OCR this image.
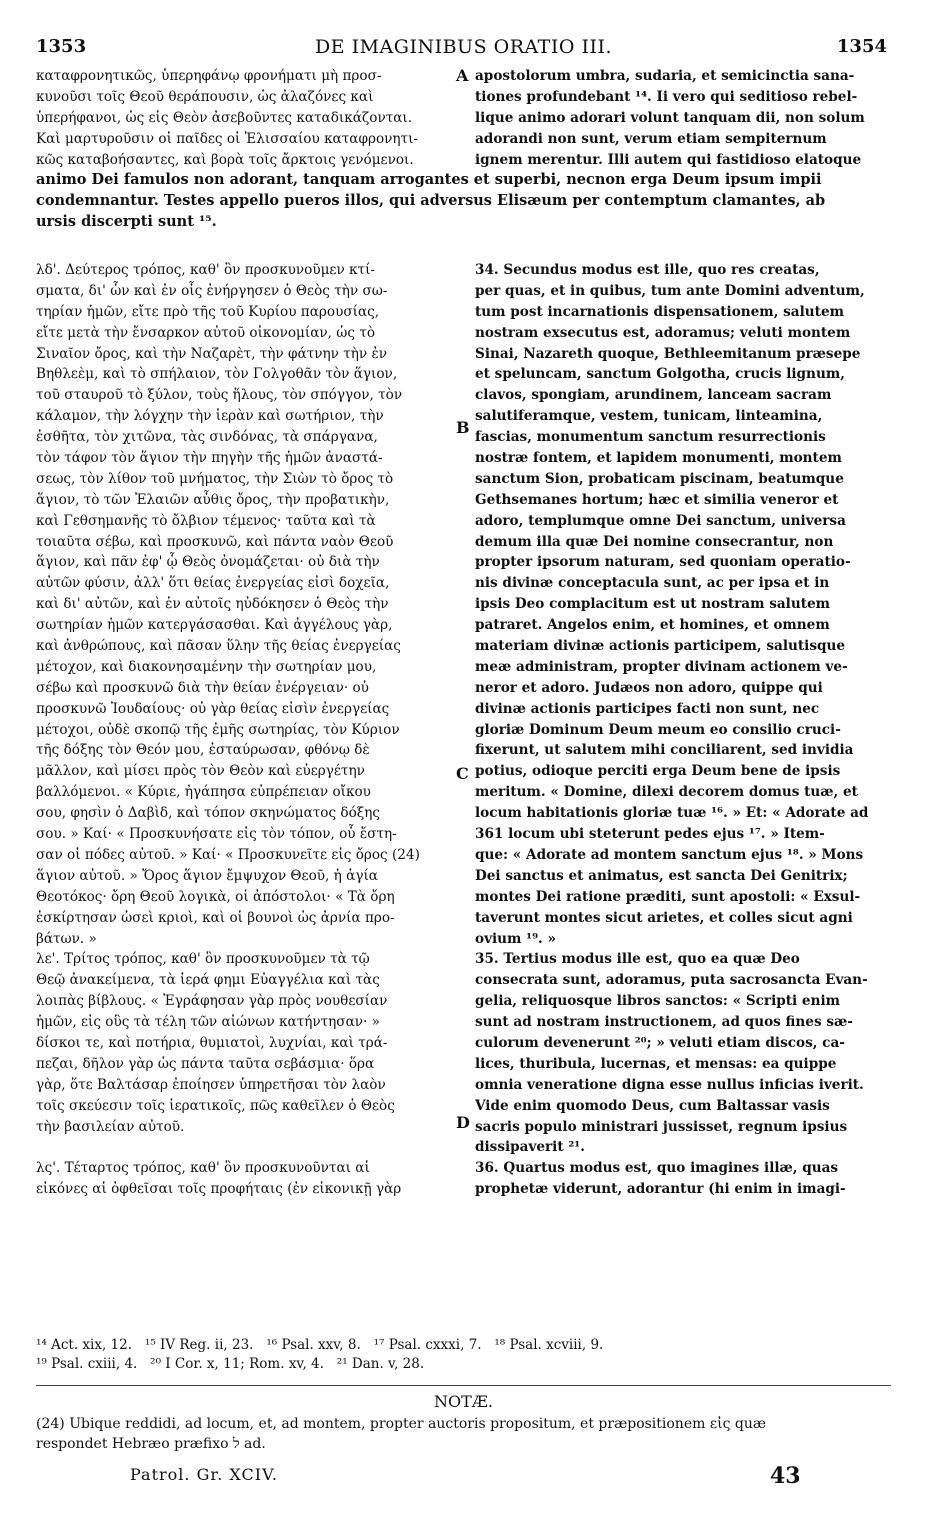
1353	DE IMAGINIBUS ORATIO III.	1354
καταφρονητικῶς, ὑπερηφάνῳ φρονήματι μὴ προσ-
κυνοῦσι τοῖς Θεοῦ θεράπουσιν, ὡς ἀλαζόνες καὶ
ὑπερήφανοι, ὡς εἰς Θεὸν ἀσεβοῦντες καταδικάζονται.
Καὶ μαρτυροῦσιν οἱ παῖδες οἱ Ἐλισσαίου καταφρονητι-
κῶς καταβοήσαντες, καὶ βορὰ τοῖς ἄρκτοις γενόμενοι.
apostolorum umbra, sudaria, et semicinctia sana-
tiones profundebant ¹⁴. Ii vero qui seditioso rebel-
lique animo adorari volunt tanquam dii, non solum
adorandi non sunt, verum etiam sempiternum
ignem merentur. Illi autem qui fastidioso elatoque
A
animo Dei famulos non adorant, tanquam arrogantes et superbi, necnon erga Deum ipsum impii
condemnantur. Testes appello pueros illos, qui adversus Elisæum per contemptum clamantes, ab
ursis discerpti sunt ¹⁵.
λδ'. Δεύτερος τρόπος, καθ' ὃν προσκυνοῦμεν κτί-
σματα, δι' ὧν καὶ ἐν οἷς ἐνήργησεν ὁ Θεὸς τὴν σω-
τηρίαν ἡμῶν, εἴτε πρὸ τῆς τοῦ Κυρίου παρουσίας,
εἴτε μετὰ τὴν ἔνσαρκον αὐτοῦ οἰκονομίαν, ὡς τὸ
Σιναῖον ὄρος, καὶ τὴν Ναζαρὲτ, τὴν φάτνην τὴν ἐν
Βηθλεὲμ, καὶ τὸ σπήλαιον, τὸν Γολγοθᾶν τὸν ἅγιον,
τοῦ σταυροῦ τὸ ξύλον, τοὺς ἥλους, τὸν σπόγγον, τὸν
κάλαμον, τὴν λόγχην τὴν ἱερὰν καὶ σωτήριον, τὴν
ἐσθῆτα, τὸν χιτῶνα, τὰς σινδόνας, τὰ σπάργανα,
τὸν τάφον τὸν ἅγιον τὴν πηγὴν τῆς ἡμῶν ἀναστά-
σεως, τὸν λίθον τοῦ μνήματος, τὴν Σιὼν τὸ ὄρος τὸ
ἅγιον, τὸ τῶν Ἐλαιῶν αὖθις ὄρος, τὴν προβατικὴν,
καὶ Γεθσημανῆς τὸ ὄλβιον τέμενος· ταῦτα καὶ τὰ
τοιαῦτα σέβω, καὶ προσκυνῶ, καὶ πάντα ναὸν Θεοῦ
ἅγιον, καὶ πᾶν ἐφ' ᾧ Θεὸς ὀνομάζεται· οὐ διὰ τὴν
αὐτῶν φύσιν, ἀλλ' ὅτι θείας ἐνεργείας εἰσὶ δοχεῖα,
καὶ δι' αὐτῶν, καὶ ἐν αὐτοῖς ηὐδόκησεν ὁ Θεὸς τὴν
σωτηρίαν ἡμῶν κατεργάσασθαι. Καὶ ἀγγέλους γὰρ,
καὶ ἀνθρώπους, καὶ πᾶσαν ὕλην τῆς θείας ἐνεργείας
μέτοχον, καὶ διακονησαμένην τὴν σωτηρίαν μου,
σέβω καὶ προσκυνῶ διὰ τὴν θείαν ἐνέργειαν· οὐ
προσκυνῶ Ἰουδαίους· οὐ γὰρ θείας εἰσὶν ἐνεργείας
μέτοχοι, οὐδὲ σκοπῷ τῆς ἐμῆς σωτηρίας, τὸν Κύριον
τῆς δόξης τὸν Θεόν μου, ἐσταύρωσαν, φθόνῳ δὲ
μᾶλλον, καὶ μίσει πρὸς τὸν Θεὸν καὶ εὐεργέτην
βαλλόμενοι. « Κύριε, ἠγάπησα εὐπρέπειαν οἴκου
σου, φησὶν ὁ Δαβὶδ, καὶ τόπον σκηνώματος δόξης
σου. » Καί· « Προσκυνήσατε εἰς τὸν τόπον, οὗ ἔστη-
σαν οἱ πόδες αὐτοῦ. » Καί· « Προσκυνεῖτε εἰς ὄρος (24)
ἅγιον αὐτοῦ. » Ὄρος ἅγιον ἔμψυχον Θεοῦ, ἡ ἁγία
Θεοτόκος· ὄρη Θεοῦ λογικὰ, οἱ ἀπόστολοι· « Τὰ ὄρη
ἐσκίρτησαν ὡσεὶ κριοὶ, καὶ οἱ βουνοὶ ὡς ἀρνία προ-
βάτων. »
λε'. Τρίτος τρόπος, καθ' ὃν προσκυνοῦμεν τὰ τῷ
Θεῷ ἀνακείμενα, τὰ ἱερά φημι Εὐαγγέλια καὶ τὰς
λοιπὰς βίβλους. « Ἐγράφησαν γὰρ πρὸς νουθεσίαν
ἡμῶν, εἰς οὓς τὰ τέλη τῶν αἰώνων κατήντησαν· »
δίσκοι τε, καὶ ποτήρια, θυμιατοὶ, λυχνίαι, καὶ τρά-
πεζαι, δῆλον γὰρ ὡς πάντα ταῦτα σεβάσμια· ὅρα
γὰρ, ὅτε Βαλτάσαρ ἐποίησεν ὑπηρετῆσαι τὸν λαὸν
τοῖς σκεύεσιν τοῖς ἱερατικοῖς, πῶς καθεῖλεν ὁ Θεὸς
τὴν βασιλείαν αὐτοῦ.
λς'. Τέταρτος τρόπος, καθ' ὃν προσκυνοῦνται αἱ
εἰκόνες αἱ ὀφθεῖσαι τοῖς προφήταις (ἐν εἰκονικῇ γὰρ
34. Secundus modus est ille, quo res creatas,
per quas, et in quibus, tum ante Domini adventum,
tum post incarnationis dispensationem, salutem
nostram exsecutus est, adoramus; veluti montem
Sinai, Nazareth quoque, Bethleemitanum præsepe
et speluncam, sanctum Golgotha, crucis lignum,
clavos, spongiam, arundinem, lanceam sacram
salutiferamque, vestem, tunicam, linteamina,
fascias, monumentum sanctum resurrectionis
nostræ fontem, et lapidem monumenti, montem
sanctum Sion, probaticam piscinam, beatumque
Gethsemanes hortum; hæc et similia veneror et
adoro, templumque omne Dei sanctum, universa
demum illa quæ Dei nomine consecrantur, non
propter ipsorum naturam, sed quoniam operatio-
nis divinæ conceptacula sunt, ac per ipsa et in
ipsis Deo complacitum est ut nostram salutem
patraret. Angelos enim, et homines, et omnem
materiam divinæ actionis participem, salutisque
meæ administram, propter divinam actionem ve-
neror et adoro. Judæos non adoro, quippe qui
divinæ actionis participes facti non sunt, nec
gloriæ Dominum Deum meum eo consilio cruci-
fixerunt, ut salutem mihi conciliarent, sed invidia
potius, odioque perciti erga Deum bene de ipsis
meritum. « Domine, dilexi decorem domus tuæ, et
locum habitationis gloriæ tuæ ¹⁶. » Et: « Adorate ad
361 locum ubi steterunt pedes ejus ¹⁷. » Item-
que: « Adorate ad montem sanctum ejus ¹⁸. » Mons
Dei sanctus et animatus, est sancta Dei Genitrix;
montes Dei ratione præditi, sunt apostoli: « Exsul-
taverunt montes sicut arietes, et colles sicut agni
ovium ¹⁹. »
35. Tertius modus ille est, quo ea quæ Deo
consecrata sunt, adoramus, puta sacrosancta Evan-
gelia, reliquosque libros sanctos: « Scripti enim
sunt ad nostram instructionem, ad quos fines sæ-
culorum devenerunt ²⁰; » veluti etiam discos, ca-
lices, thuribula, lucernas, et mensas: ea quippe
omnia veneratione digna esse nullus inficias iverit.
Vide enim quomodo Deus, cum Baltassar vasis
sacris populo ministrari jussisset, regnum ipsius
dissipaverit ²¹.
36. Quartus modus est, quo imagines illæ, quas
prophetæ viderunt, adorantur (hi enim in imagi-
B
C
D
¹⁴ Act. xix, 12.   ¹⁵ IV Reg. ii, 23.   ¹⁶ Psal. xxv, 8.   ¹⁷ Psal. cxxxi, 7.   ¹⁸ Psal. xcviii, 9.
¹⁹ Psal. cxiii, 4.   ²⁰ I Cor. x, 11; Rom. xv, 4.   ²¹ Dan. v, 28.
NOTÆ.
(24) Ubique reddidi, ad locum, et, ad montem, propter auctoris propositum, et præpositionem εἰς quæ
respondet Hebræo præfixo ל ad.
Patrol. Gr. XCIV.	43
